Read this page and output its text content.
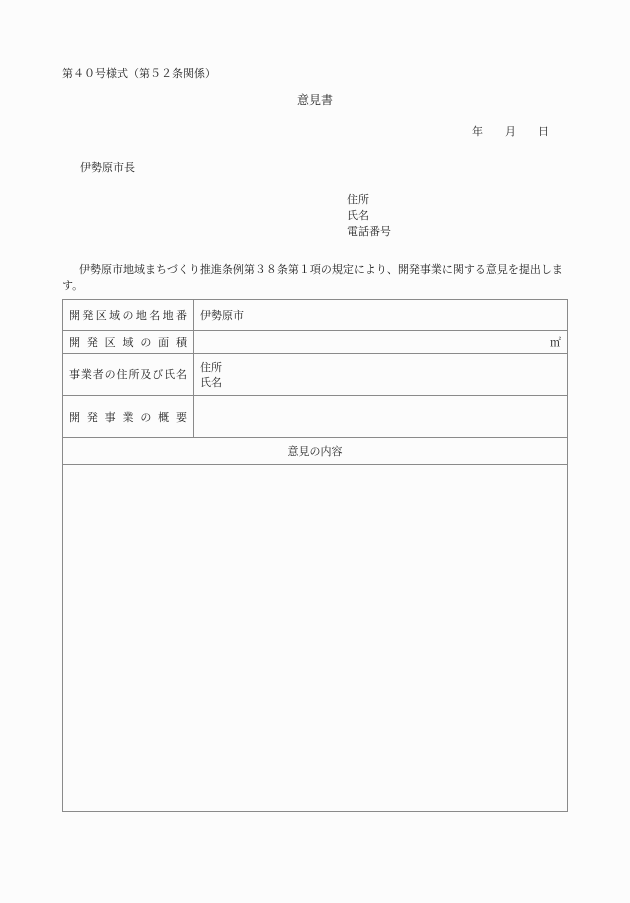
第４０号様式（第５２条関係）
意見書
年 月 日
伊勢原市長
住所
氏名
電話番号
伊勢原市地域まちづくり推進条例第３８条第１項の規定により、開発事業に関する意見を提出します。
開発区域の地名地番	伊勢原市
開発区域の面積	㎡
事業者の住所及び氏名	住所
氏名

開発事業の概要	
意見の内容	
